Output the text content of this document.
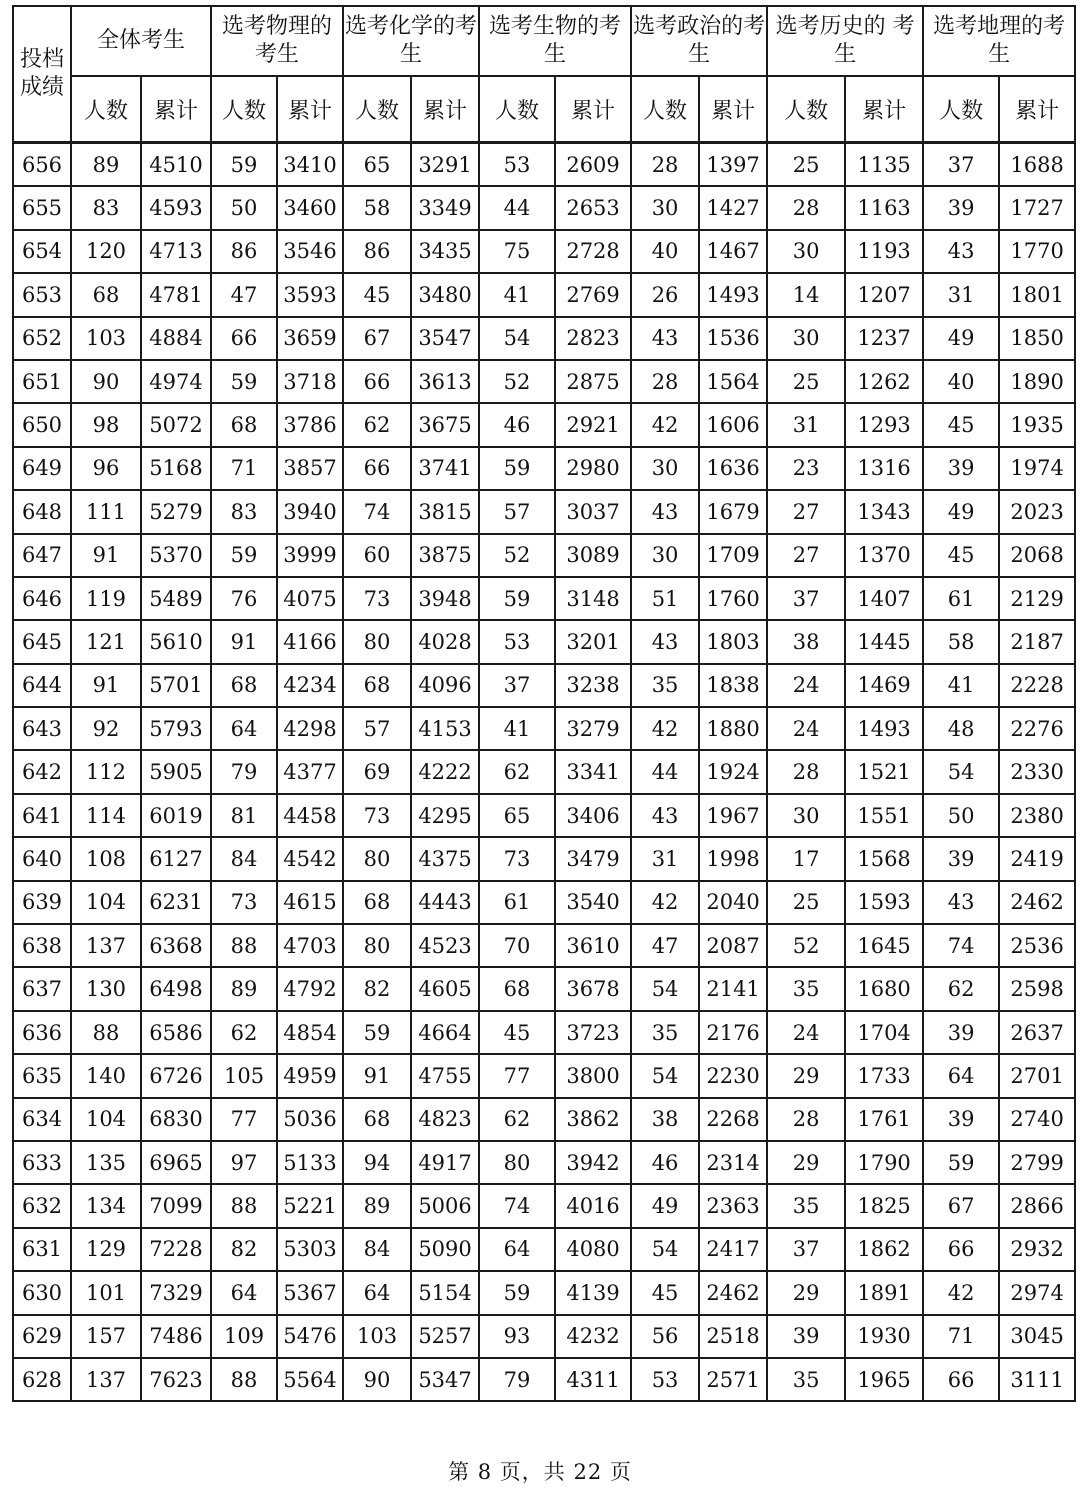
投档成绩	全体考生		选考物理的考生		选考化学的考生		选考生物的考生		选考政治的考生		选考历史的 考生		选考地理的考生	
	人数	累计	人数	累计	人数	累计	人数	累计	人数	累计	人数	累计	人数	累计
656	89	4510	59	3410	65	3291	53	2609	28	1397	25	1135	37	1688
655	83	4593	50	3460	58	3349	44	2653	30	1427	28	1163	39	1727
654	120	4713	86	3546	86	3435	75	2728	40	1467	30	1193	43	1770
653	68	4781	47	3593	45	3480	41	2769	26	1493	14	1207	31	1801
652	103	4884	66	3659	67	3547	54	2823	43	1536	30	1237	49	1850
651	90	4974	59	3718	66	3613	52	2875	28	1564	25	1262	40	1890
650	98	5072	68	3786	62	3675	46	2921	42	1606	31	1293	45	1935
649	96	5168	71	3857	66	3741	59	2980	30	1636	23	1316	39	1974
648	111	5279	83	3940	74	3815	57	3037	43	1679	27	1343	49	2023
647	91	5370	59	3999	60	3875	52	3089	30	1709	27	1370	45	2068
646	119	5489	76	4075	73	3948	59	3148	51	1760	37	1407	61	2129
645	121	5610	91	4166	80	4028	53	3201	43	1803	38	1445	58	2187
644	91	5701	68	4234	68	4096	37	3238	35	1838	24	1469	41	2228
643	92	5793	64	4298	57	4153	41	3279	42	1880	24	1493	48	2276
642	112	5905	79	4377	69	4222	62	3341	44	1924	28	1521	54	2330
641	114	6019	81	4458	73	4295	65	3406	43	1967	30	1551	50	2380
640	108	6127	84	4542	80	4375	73	3479	31	1998	17	1568	39	2419
639	104	6231	73	4615	68	4443	61	3540	42	2040	25	1593	43	2462
638	137	6368	88	4703	80	4523	70	3610	47	2087	52	1645	74	2536
637	130	6498	89	4792	82	4605	68	3678	54	2141	35	1680	62	2598
636	88	6586	62	4854	59	4664	45	3723	35	2176	24	1704	39	2637
635	140	6726	105	4959	91	4755	77	3800	54	2230	29	1733	64	2701
634	104	6830	77	5036	68	4823	62	3862	38	2268	28	1761	39	2740
633	135	6965	97	5133	94	4917	80	3942	46	2314	29	1790	59	2799
632	134	7099	88	5221	89	5006	74	4016	49	2363	35	1825	67	2866
631	129	7228	82	5303	84	5090	64	4080	54	2417	37	1862	66	2932
630	101	7329	64	5367	64	5154	59	4139	45	2462	29	1891	42	2974
629	157	7486	109	5476	103	5257	93	4232	56	2518	39	1930	71	3045
628	137	7623	88	5564	90	5347	79	4311	53	2571	35	1965	66	3111
第 8 页，共 22 页
